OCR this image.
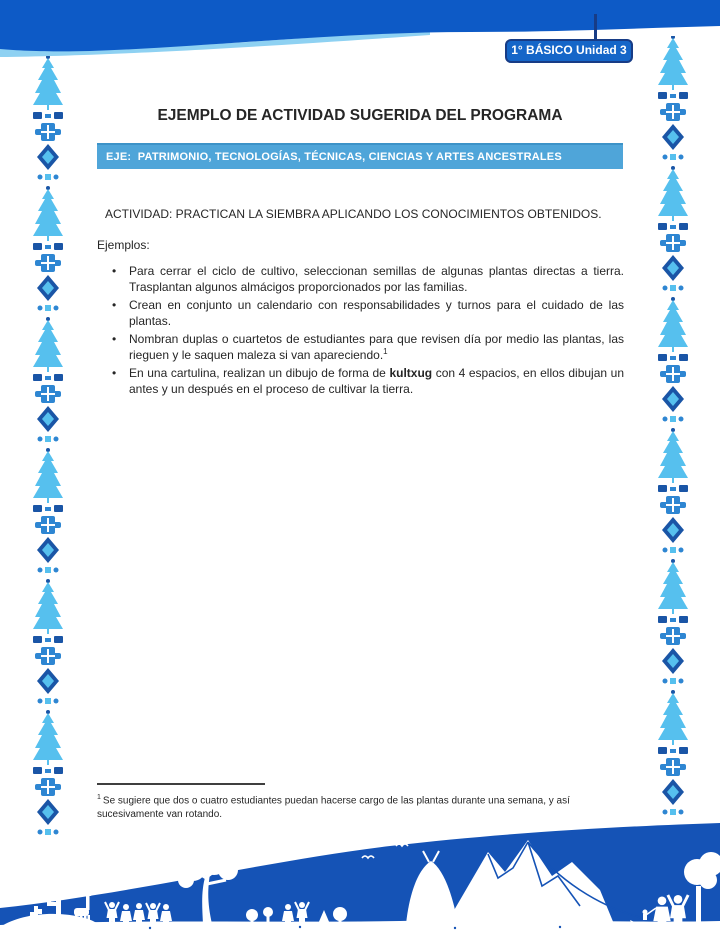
1° BÁSICO Unidad 3
EJEMPLO DE ACTIVIDAD SUGERIDA DEL PROGRAMA
EJE:  PATRIMONIO, TECNOLOGÍAS, TÉCNICAS, CIENCIAS Y ARTES ANCESTRALES
ACTIVIDAD: PRACTICAN LA SIEMBRA APLICANDO LOS CONOCIMIENTOS OBTENIDOS.
Ejemplos:
• Para cerrar el ciclo de cultivo, seleccionan semillas de algunas plantas directas a tierra. Trasplantan algunos almácigos proporcionados por las familias.
• Crean en conjunto un calendario con responsabilidades y turnos para el cuidado de las plantas.
• Nombran duplas o cuartetos de estudiantes para que revisen día por medio las plantas, las rieguen y le saquen maleza si van apareciendo.$^1$
• En una cartulina, realizan un dibujo de forma de kultxug con 4 espacios, en ellos dibujan un antes y un después en el proceso de cultivar la tierra.
$^1$ Se sugiere que dos o cuatro estudiantes puedan hacerse cargo de las plantas durante una semana, y así sucesivamente van rotando.
